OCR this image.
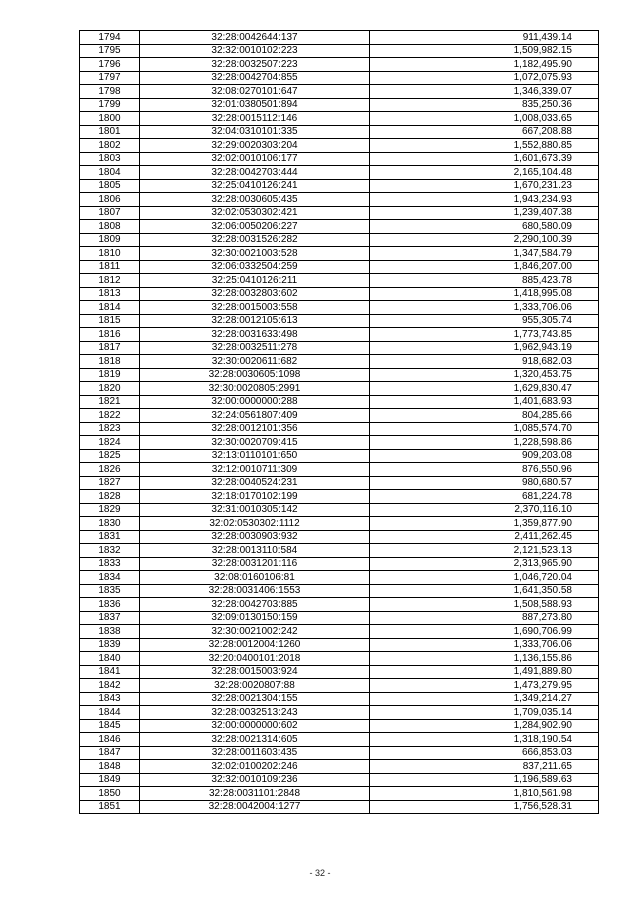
1794	32:28:0042644:137	911,439.14
1795	32:32:0010102:223	1,509,982.15
1796	32:28:0032507:223	1,182,495.90
1797	32:28:0042704:855	1,072,075.93
1798	32:08:0270101:647	1,346,339.07
1799	32:01:0380501:894	835,250.36
1800	32:28:0015112:146	1,008,033.65
1801	32:04:0310101:335	667,208.88
1802	32:29:0020303:204	1,552,880.85
1803	32:02:0010106:177	1,601,673.39
1804	32:28:0042703:444	2,165,104.48
1805	32:25:0410126:241	1,670,231.23
1806	32:28:0030605:435	1,943,234.93
1807	32:02:0530302:421	1,239,407.38
1808	32:06:0050206:227	680,580.09
1809	32:28:0031526:282	2,290,100.39
1810	32:30:0021003:528	1,347,584.79
1811	32:06:0332504:259	1,846,207.00
1812	32:25:0410126:211	885,423.78
1813	32:28:0032803:602	1,418,995.08
1814	32:28:0015003:558	1,333,706.06
1815	32:28:0012105:613	955,305.74
1816	32:28:0031633:498	1,773,743.85
1817	32:28:0032511:278	1,962,943.19
1818	32:30:0020611:682	918,682.03
1819	32:28:0030605:1098	1,320,453.75
1820	32:30:0020805:2991	1,629,830.47
1821	32:00:0000000:288	1,401,683.93
1822	32:24:0561807:409	804,285.66
1823	32:28:0012101:356	1,085,574.70
1824	32:30:0020709:415	1,228,598.86
1825	32:13:0110101:650	909,203.08
1826	32:12:0010711:309	876,550.96
1827	32:28:0040524:231	980,680.57
1828	32:18:0170102:199	681,224.78
1829	32:31:0010305:142	2,370,116.10
1830	32:02:0530302:1112	1,359,877.90
1831	32:28:0030903:932	2,411,262.45
1832	32:28:0013110:584	2,121,523.13
1833	32:28:0031201:116	2,313,965.90
1834	32:08:0160106:81	1,046,720.04
1835	32:28:0031406:1553	1,641,350.58
1836	32:28:0042703:885	1,508,588.93
1837	32:09:0130150:159	887,273.80
1838	32:30:0021002:242	1,690,706.99
1839	32:28:0012004:1260	1,333,706.06
1840	32:20:0400101:2018	1,136,155.86
1841	32:28:0015003:924	1,491,889.80
1842	32:28:0020807:88	1,473,279.95
1843	32:28:0021304:155	1,349,214.27
1844	32:28:0032513:243	1,709,035.14
1845	32:00:0000000:602	1,284,902.90
1846	32:28:0021314:605	1,318,190.54
1847	32:28:0011603:435	666,853.03
1848	32:02:0100202:246	837,211.65
1849	32:32:0010109:236	1,196,589.63
1850	32:28:0031101:2848	1,810,561.98
1851	32:28:0042004:1277	1,756,528.31
- 32 -
